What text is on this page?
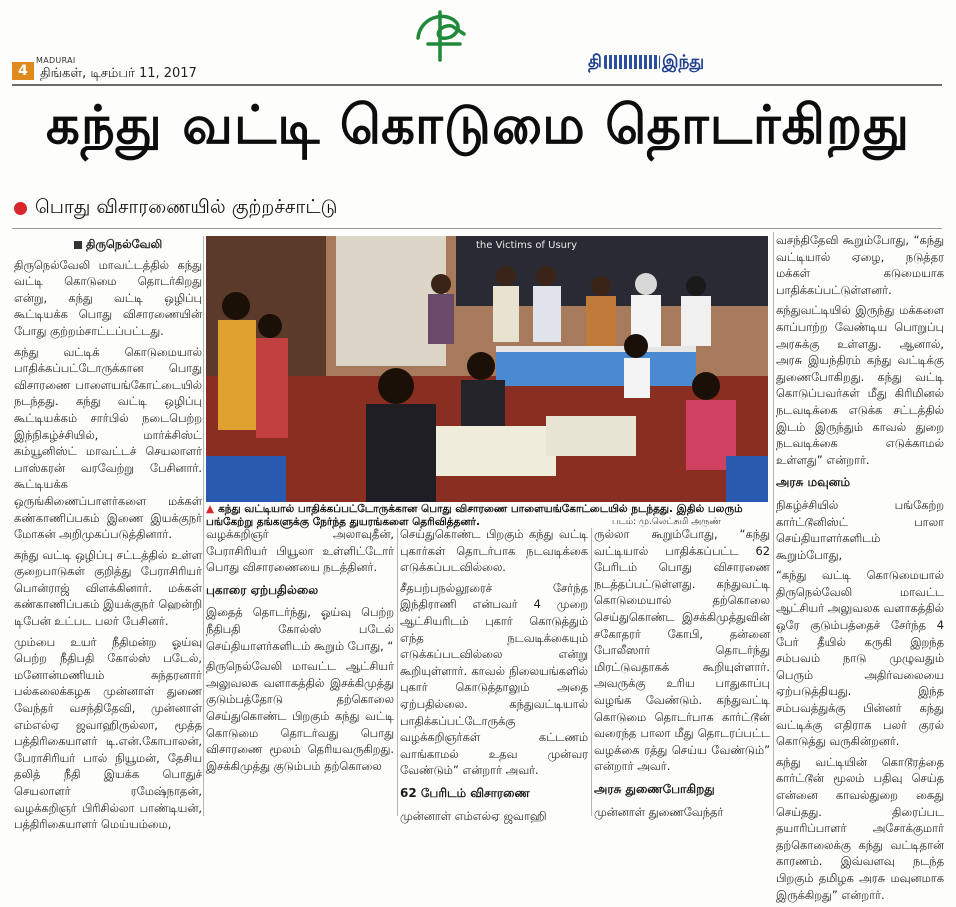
4
MADURAI
திங்கள், டிசம்பர் 11, 2017
தி	இந்து
கந்து வட்டி கொடுமை தொடர்கிறது
பொது விசாரணையில் குற்றச்சாட்டு

திருநெல்வேலி

திருநெல்வேலி மாவட்டத்தில் கந்து வட்டி கொடுமை தொடர்கிறது என்று, கந்து வட்டி ஒழிப்பு கூட்டியக்க பொது விசாரணையின் போது குற்றம்சாட்டப்பட்டது.

கந்து வட்டிக் கொடுமையால் பாதிக்கப்பட்டோருக்கான பொது விசாரணை பாளையங்கோட்டையில் நடந்தது. கந்து வட்டி ஒழிப்பு கூட்டியக்கம் சார்பில் நடைபெற்ற இந்நிகழ்ச்சியில், மார்க்சிஸ்ட் கம்யூனிஸ்ட் மாவட்டச் செயலாளர் பாஸ்கரன் வரவேற்று பேசினார். கூட்டியக்க ஒருங்கிணைப்பாளர்களை மக்கள் கண்காணிப்பகம் இணை இயக்குநர் மோகன் அறிமுகப்படுத்தினார்.

கந்து வட்டி ஒழிப்பு சட்டத்தில் உள்ள குறைபாடுகள் குறித்து பேராசிரியர் பொன்ராஜ் விளக்கினார். மக்கள் கண்காணிப்பகம் இயக்குநர் ஹென்றி டிபேன் உட்பட பலர் பேசினர்.

மும்பை உயர் நீதிமன்ற ஓய்வு பெற்ற நீதிபதி கோல்ஸ் படேல், மனோன்மணியம் சுந்தரனார் பல்கலைக்கழக முன்னாள் துணை வேந்தர் வசந்திதேவி, முன்னாள் எம்எல்ஏ ஜவாஹிருல்லா, மூத்த பத்திரிகையாளர் டி.என்.கோபாலன், பேராசிரியர் பால் நியூமன், தேசிய தலித் நீதி இயக்க பொதுச் செயலாளர் ரமேஷ்நாதன், வழக்கறிஞர் பிரிசில்லா பாண்டியன், பத்திரிகையாளர் மெய்யம்மை,

the Victims of Usury
▲ கந்து வட்டியால் பாதிக்கப்பட்டோருக்கான பொது விசாரணை பாளையங்கோட்டையில் நடந்தது. இதில் பலரும் பங்கேற்று தங்களுக்கு நேர்ந்த துயரங்களை தெரிவித்தனர்.	படம்: மு.லெட்சுமி அருண்

வழக்கறிஞர் அலாவுதீன், பேராசிரியர் பியூலா உள்ளிட்டோர் பொது விசாரணையை நடத்தினர்.

புகாரை ஏற்பதில்லை

இதைத் தொடர்ந்து, ஓய்வு பெற்ற நீதிபதி கோல்ஸ் படேல் செய்தியாளர்களிடம் கூறும் போது, “

திருநெல்வேலி மாவட்ட ஆட்சியர் அலுவலக வளாகத்தில் இசக்கிமுத்து குடும்பத்தோடு தற்கொலை செய்துகொண்ட பிறகும் கந்து வட்டி கொடுமை தொடர்வது பொது விசாரணை மூலம் தெரியவருகிறது. இசக்கிமுத்து குடும்பம் தற்கொலை

செய்துகொண்ட பிறகும் கந்து வட்டி புகார்கள் தொடர்பாக நடவடிக்கை எடுக்கப்படவில்லை.

சீதபற்பநல்லூரைச் சேர்ந்த இந்திராணி என்பவர் 4 முறை ஆட்சியரிடம் புகார் கொடுத்தும் எந்த நடவடிக்கையும் எடுக்கப்படவில்லை என்று கூறியுள்ளார். காவல் நிலையங்களில் புகார் கொடுத்தாலும் அதை ஏற்பதில்லை. கந்துவட்டியால் பாதிக்கப்பட்டோருக்கு வழக்கறிஞர்கள் கட்டணம் வாங்காமல் உதவ முன்வர வேண்டும்” என்றார் அவர்.

62 பேரிடம் விசாரணை

முன்னாள் எம்எல்ஏ ஜவாஹி

ருல்லா கூறும்போது, “கந்து வட்டியால் பாதிக்கப்பட்ட 62 பேரிடம் பொது விசாரணை நடத்தப்பட்டுள்ளது. கந்துவட்டி கொடுமையால் தற்கொலை செய்துகொண்ட இசக்கிமுத்துவின் சகோதரர் கோபி, தன்னை போலீஸார் தொடர்ந்து மிரட்டுவதாகக் கூறியுள்ளார். அவருக்கு உரிய பாதுகாப்பு வழங்க வேண்டும். கந்துவட்டி கொடுமை தொடர்பாக கார்ட்டூன் வரைந்த பாலா மீது தொடரப்பட்ட வழக்கை ரத்து செய்ய வேண்டும்” என்றார் அவர்.

அரசு துணைபோகிறது

முன்னாள் துணைவேந்தர்

வசந்திதேவி கூறும்போது, “கந்து வட்டியால் ஏழை, நடுத்தர மக்கள் கடுமையாக பாதிக்கப்பட்டுள்ளனர்.

கந்துவட்டியில் இருந்து மக்களை காப்பாற்ற வேண்டிய பொறுப்பு அரசுக்கு உள்ளது. ஆனால், அரசு இயந்திரம் கந்து வட்டிக்கு துணைபோகிறது. கந்து வட்டி கொடுப்பவர்கள் மீது கிரிமினல் நடவடிக்கை எடுக்க சட்டத்தில் இடம் இருந்தும் காவல் துறை நடவடிக்கை எடுக்காமல் உள்ளது” என்றார்.

அரசு மவுனம்

நிகழ்ச்சியில் பங்கேற்ற கார்ட்டூனிஸ்ட் பாலா செய்தியாளர்களிடம் கூறும்போது,

“கந்து வட்டி கொடுமையால் திருநெல்வேலி மாவட்ட ஆட்சியர் அலுவலக வளாகத்தில் ஒரே குடும்பத்தைச் சேர்ந்த 4 பேர் தீயில் கருகி இறந்த சம்பவம் நாடு முழுவதும் பெரும் அதிர்வலையை ஏற்படுத்தியது. இந்த சம்பவத்துக்கு பின்னர் கந்து வட்டிக்கு எதிராக பலர் குரல் கொடுத்து வருகின்றனர்.

கந்து வட்டியின் கொடூரத்தை கார்ட்டூன் மூலம் பதிவு செய்த என்னை காவல்துறை கைது செய்தது. திரைப்பட தயாரிப்பாளர் அசோக்குமார் தற்கொலைக்கு கந்து வட்டிதான் காரணம். இவ்வளவு நடந்த பிறகும் தமிழக அரசு மவுனமாக இருக்கிறது” என்றார்.
